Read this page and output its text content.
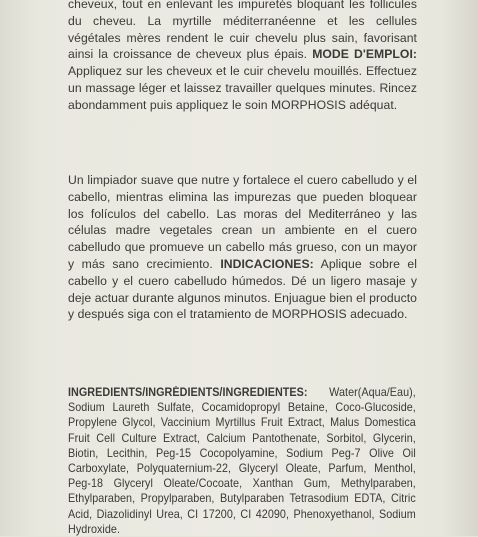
cheveux, tout en enlevant les impuretés bloquant les follicules du cheveu. La myrtille méditerranéenne et les cellules végétales mères rendent le cuir chevelu plus sain, favorisant ainsi la croissance de cheveux plus épais. MODE D'EMPLOI: Appliquez sur les cheveux et le cuir chevelu mouillés. Effectuez un massage léger et laissez travailler quelques minutes. Rincez abondamment puis appliquez le soin MORPHOSIS adéquat.
Un limpiador suave que nutre y fortalece el cuero cabelludo y el cabello, mientras elimina las impurezas que pueden bloquear los folículos del cabello. Las moras del Mediterráneo y las células madre vegetales crean un ambiente en el cuero cabelludo que promueve un cabello más grueso, con un mayor y más sano crecimiento. INDICACIONES: Aplique sobre el cabello y el cuero cabelludo húmedos. Dé un ligero masaje y deje actuar durante algunos minutos. Enjuague bien el producto y después siga con el tratamiento de MORPHOSIS adecuado.
INGREDIENTS/INGRÉDIENTS/INGREDIENTES: Water(Aqua/Eau), Sodium Laureth Sulfate, Cocamidopropyl Betaine, Coco-Glucoside, Propylene Glycol, Vaccinium Myrtillus Fruit Extract, Malus Domestica Fruit Cell Culture Extract, Calcium Pantothenate, Sorbitol, Glycerin, Biotin, Lecithin, Peg-15 Cocopolyamine, Sodium Peg-7 Olive Oil Carboxylate, Polyquaternium-22, Glyceryl Oleate, Parfum, Menthol, Peg-18 Glyceryl Oleate/Cocoate, Xanthan Gum, Methylparaben, Ethylparaben, Propylparaben, Butylparaben Tetrasodium EDTA, Citric Acid, Diazolidinyl Urea, CI 17200, CI 42090, Phenoxyethanol, Sodium Hydroxide.
